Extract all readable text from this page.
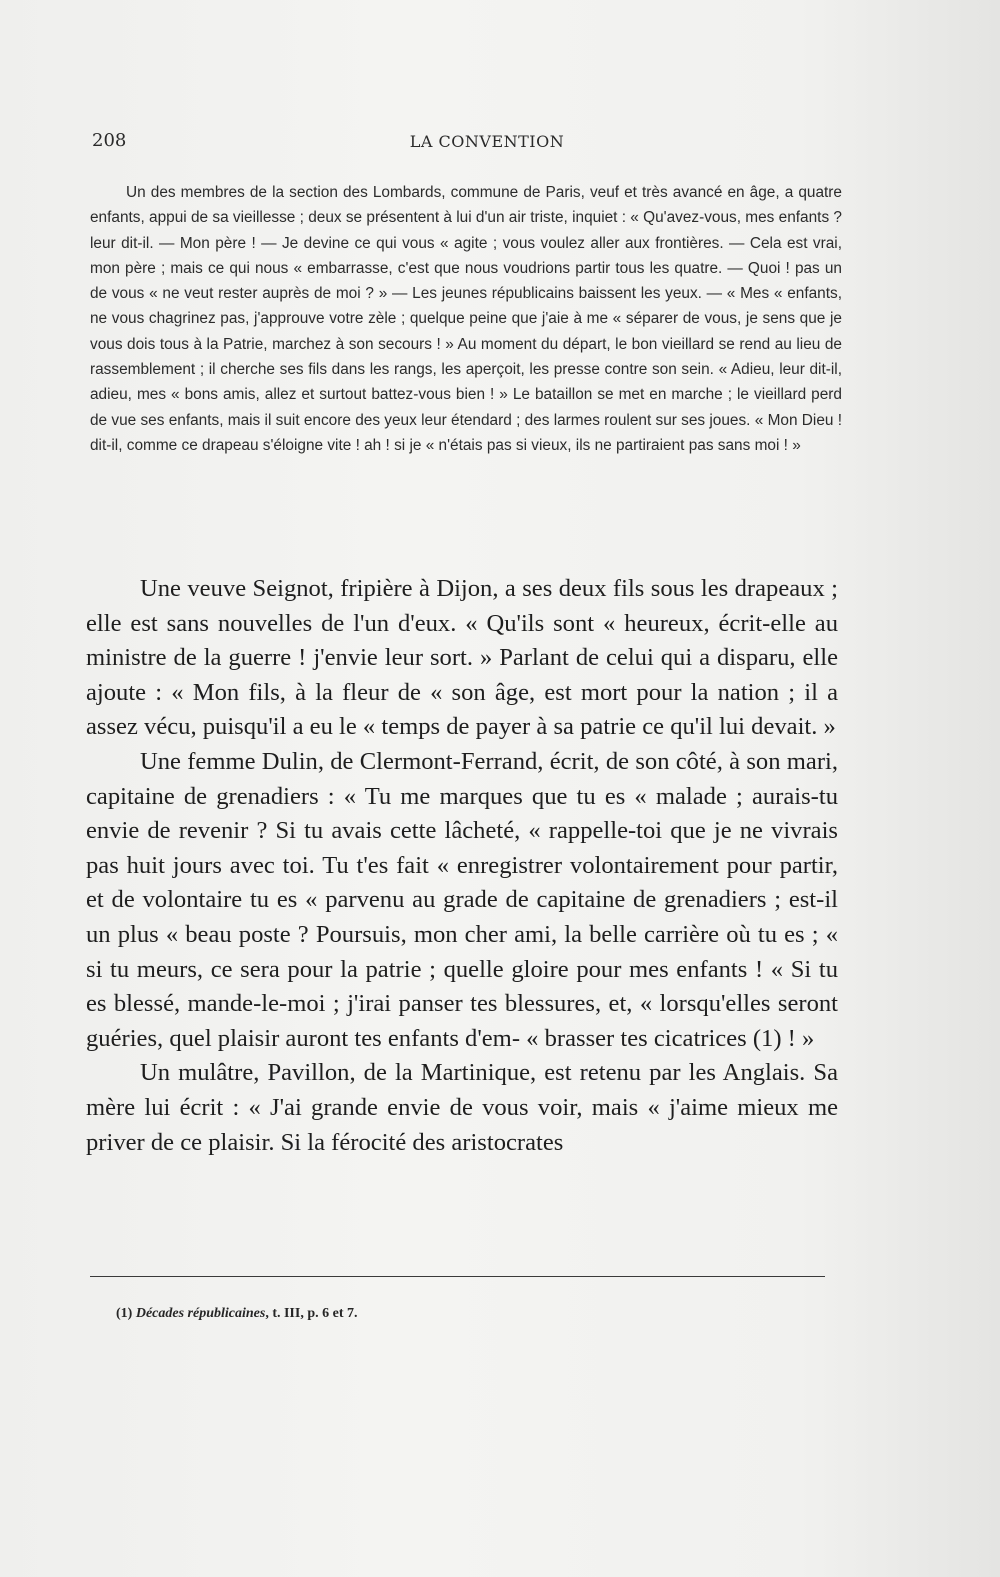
208	LA CONVENTION

Un des membres de la section des Lombards, commune de Paris, veuf et très avancé en âge, a quatre enfants, appui de sa vieillesse ; deux se présentent à lui d'un air triste, inquiet : « Qu'avez-vous, mes enfants ? leur dit-il. — Mon père ! — Je devine ce qui vous « agite ; vous voulez aller aux frontières. — Cela est vrai, mon père ; mais ce qui nous « embarrasse, c'est que nous voudrions partir tous les quatre. — Quoi ! pas un de vous « ne veut rester auprès de moi ? » — Les jeunes républicains baissent les yeux. — « Mes « enfants, ne vous chagrinez pas, j'approuve votre zèle ; quelque peine que j'aie à me « séparer de vous, je sens que je vous dois tous à la Patrie, marchez à son secours ! » Au moment du départ, le bon vieillard se rend au lieu de rassemblement ; il cherche ses fils dans les rangs, les aperçoit, les presse contre son sein. « Adieu, leur dit-il, adieu, mes « bons amis, allez et surtout battez-vous bien ! » Le bataillon se met en marche ; le vieillard perd de vue ses enfants, mais il suit encore des yeux leur étendard ; des larmes roulent sur ses joues. « Mon Dieu ! dit-il, comme ce drapeau s'éloigne vite ! ah ! si je « n'étais pas si vieux, ils ne partiraient pas sans moi ! »

Une veuve Seignot, fripière à Dijon, a ses deux fils sous les drapeaux ; elle est sans nouvelles de l'un d'eux. « Qu'ils sont « heureux, écrit-elle au ministre de la guerre ! j'envie leur sort. » Parlant de celui qui a disparu, elle ajoute : « Mon fils, à la fleur de « son âge, est mort pour la nation ; il a assez vécu, puisqu'il a eu le « temps de payer à sa patrie ce qu'il lui devait. »

Une femme Dulin, de Clermont-Ferrand, écrit, de son côté, à son mari, capitaine de grenadiers : « Tu me marques que tu es « malade ; aurais-tu envie de revenir ? Si tu avais cette lâcheté, « rappelle-toi que je ne vivrais pas huit jours avec toi. Tu t'es fait « enregistrer volontairement pour partir, et de volontaire tu es « parvenu au grade de capitaine de grenadiers ; est-il un plus « beau poste ? Poursuis, mon cher ami, la belle carrière où tu es ; « si tu meurs, ce sera pour la patrie ; quelle gloire pour mes enfants ! « Si tu es blessé, mande-le-moi ; j'irai panser tes blessures, et, « lorsqu'elles seront guéries, quel plaisir auront tes enfants d'em- « brasser tes cicatrices (1) ! »

Un mulâtre, Pavillon, de la Martinique, est retenu par les Anglais. Sa mère lui écrit : « J'ai grande envie de vous voir, mais « j'aime mieux me priver de ce plaisir. Si la férocité des aristocrates

(1) Décades républicaines, t. III, p. 6 et 7.
